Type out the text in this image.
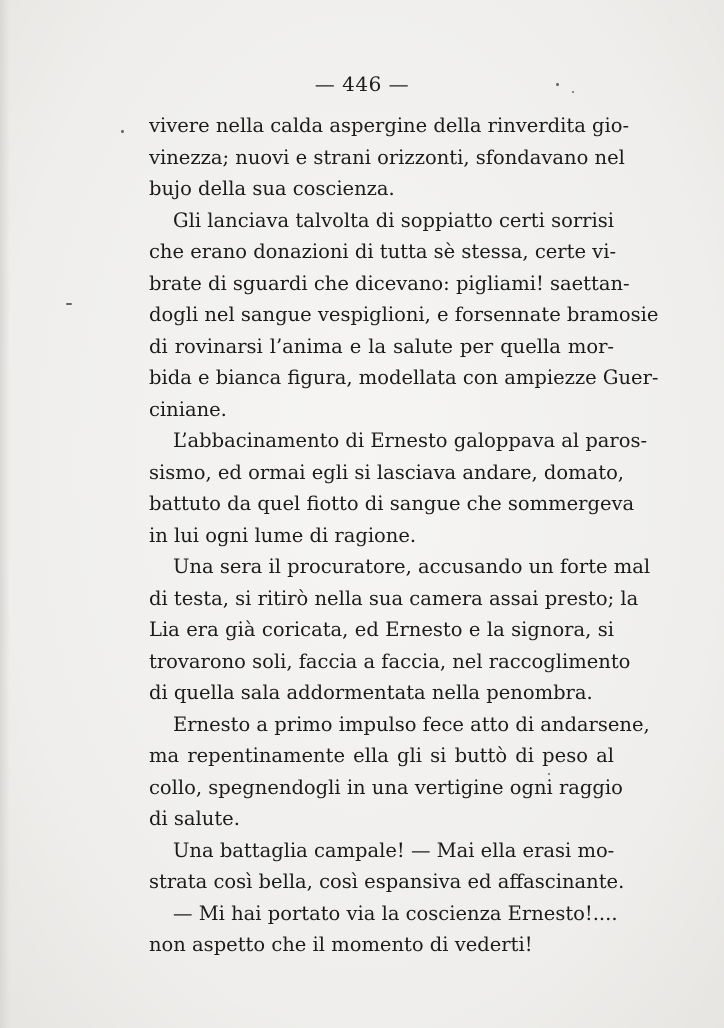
— 446 —
vivere nella calda aspergine della rinverdita gio-
vinezza; nuovi e strani orizzonti, sfondavano nel
bujo della sua coscienza.
Gli lanciava talvolta di soppiatto certi sorrisi
che erano donazioni di tutta sè stessa, certe vi-
brate di sguardi che dicevano: pigliami! saettan-
dogli nel sangue vespiglioni, e forsennate bramosie
di rovinarsi l’anima e la salute per quella mor-
bida e bianca figura, modellata con ampiezze Guer-
ciniane.
L’abbacinamento di Ernesto galoppava al paros-
sismo, ed ormai egli si lasciava andare, domato,
battuto da quel fiotto di sangue che sommergeva
in lui ogni lume di ragione.
Una sera il procuratore, accusando un forte mal
di testa, si ritirò nella sua camera assai presto; la
Lia era già coricata, ed Ernesto e la signora, si
trovarono soli, faccia a faccia, nel raccoglimento
di quella sala addormentata nella penombra.
Ernesto a primo impulso fece atto di andarsene,
ma repentinamente ella gli si buttò di peso al
collo, spegnendogli in una vertigine ogni raggio
di salute.
Una battaglia campale! — Mai ella erasi mo-
strata così bella, così espansiva ed affascinante.
— Mi hai portato via la coscienza Ernesto!....
non aspetto che il momento di vederti!
